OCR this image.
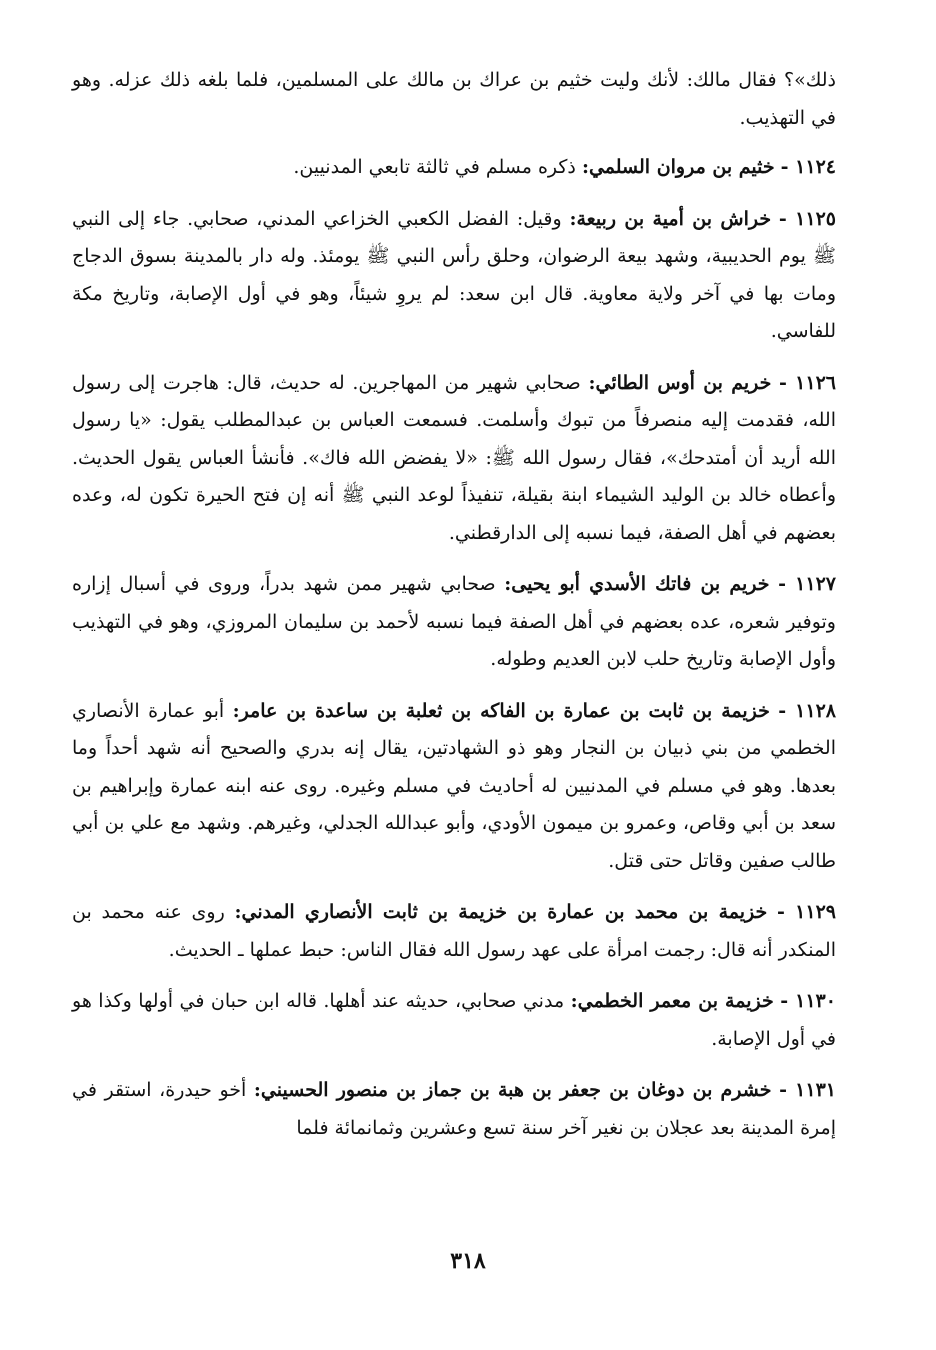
ذلك»؟ فقال مالك: لأنك وليت خثيم بن عراك بن مالك على المسلمين، فلما بلغه ذلك عزله. وهو في التهذيب.

١١٢٤ - خثيم بن مروان السلمي: ذكره مسلم في ثالثة تابعي المدنيين.

١١٢٥ - خراش بن أمية بن ربيعة: وقيل: الفضل الكعبي الخزاعي المدني، صحابي. جاء إلى النبي ﷺ يوم الحديبية، وشهد بيعة الرضوان، وحلق رأس النبي ﷺ يومئذ. وله دار بالمدينة بسوق الدجاج ومات بها في آخر ولاية معاوية. قال ابن سعد: لم يروِ شيئاً، وهو في أول الإصابة، وتاريخ مكة للفاسي.

١١٢٦ - خريم بن أوس الطائي: صحابي شهير من المهاجرين. له حديث، قال: هاجرت إلى رسول الله، فقدمت إليه منصرفاً من تبوك وأسلمت. فسمعت العباس بن عبدالمطلب يقول: «يا رسول الله أريد أن أمتدحك»، فقال رسول الله ﷺ: «لا يفضض الله فاك». فأنشأ العباس يقول الحديث. وأعطاه خالد بن الوليد الشيماء ابنة بقيلة، تنفيذاً لوعد النبي ﷺ أنه إن فتح الحيرة تكون له، وعده بعضهم في أهل الصفة، فيما نسبه إلى الدارقطني.

١١٢٧ - خريم بن فاتك الأسدي أبو يحيى: صحابي شهير ممن شهد بدراً، وروى في أسبال إزاره وتوفير شعره، عده بعضهم في أهل الصفة فيما نسبه لأحمد بن سليمان المروزي، وهو في التهذيب وأول الإصابة وتاريخ حلب لابن العديم وطوله.

١١٢٨ - خزيمة بن ثابت بن عمارة بن الفاكه بن ثعلبة بن ساعدة بن عامر: أبو عمارة الأنصاري الخطمي من بني ذبيان بن النجار وهو ذو الشهادتين، يقال إنه بدري والصحيح أنه شهد أحداً وما بعدها. وهو في مسلم في المدنيين له أحاديث في مسلم وغيره. روى عنه ابنه عمارة وإبراهيم بن سعد بن أبي وقاص، وعمرو بن ميمون الأودي، وأبو عبدالله الجدلي، وغيرهم. وشهد مع علي بن أبي طالب صفين وقاتل حتى قتل.

١١٢٩ - خزيمة بن محمد بن عمارة بن خزيمة بن ثابت الأنصاري المدني: روى عنه محمد بن المنكدر أنه قال: رجمت امرأة على عهد رسول الله فقال الناس: حبط عملها ـ الحديث.

١١٣٠ - خزيمة بن معمر الخطمي: مدني صحابي، حديثه عند أهلها. قاله ابن حبان في أولها وكذا هو في أول الإصابة.

١١٣١ - خشرم بن دوغان بن جعفر بن هبة بن جماز بن منصور الحسيني: أخو حيدرة، استقر في إمرة المدينة بعد عجلان بن نغير آخر سنة تسع وعشرين وثمانمائة فلما

٣١٨
